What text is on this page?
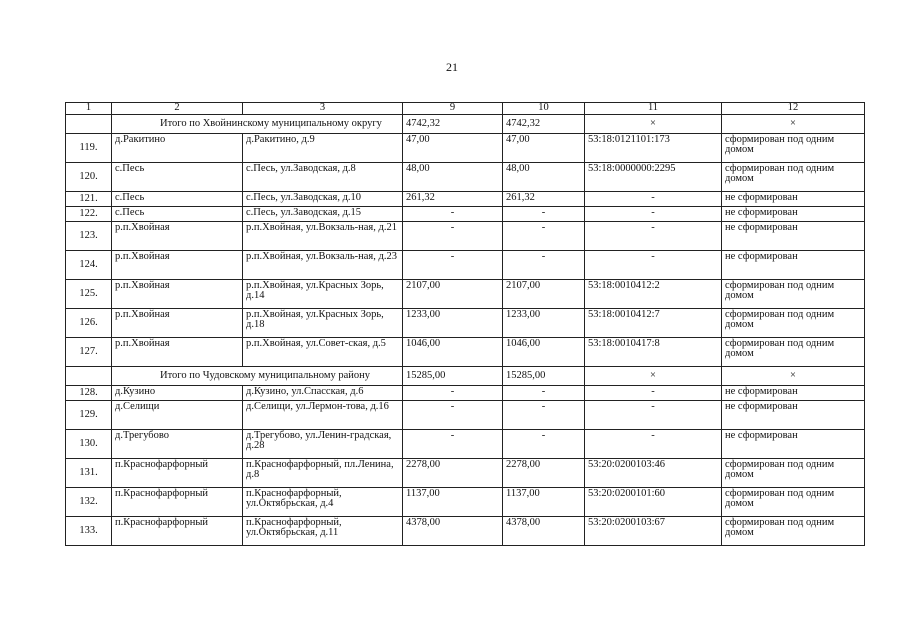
21
1	2	3	9	10	11	12
	Итого по Хвойнинскому муниципальному округу		4742,32	4742,32	×	×
119.	д.Ракитино	д.Ракитино, д.9	47,00	47,00	53:18:0121101:173	сформирован под одним домом
120.	с.Песь	с.Песь, ул.Заводская, д.8	48,00	48,00	53:18:0000000:2295	сформирован под одним домом
121.	с.Песь	с.Песь, ул.Заводская, д.10	261,32	261,32	-	не сформирован
122.	с.Песь	с.Песь, ул.Заводская, д.15	-	-	-	не сформирован
123.	р.п.Хвойная	р.п.Хвойная, ул.Вокзаль-ная, д.21	-	-	-	не сформирован
124.	р.п.Хвойная	р.п.Хвойная, ул.Вокзаль-ная, д.23	-	-	-	не сформирован
125.	р.п.Хвойная	р.п.Хвойная, ул.Красных Зорь, д.14	2107,00	2107,00	53:18:0010412:2	сформирован под одним домом
126.	р.п.Хвойная	р.п.Хвойная, ул.Красных Зорь, д.18	1233,00	1233,00	53:18:0010412:7	сформирован под одним домом
127.	р.п.Хвойная	р.п.Хвойная, ул.Совет-ская, д.5	1046,00	1046,00	53:18:0010417:8	сформирован под одним домом
	Итого по Чудовскому муниципальному району		15285,00	15285,00	×	×
128.	д.Кузино	д.Кузино, ул.Спасская, д.6	-	-	-	не сформирован
129.	д.Селищи	д.Селищи, ул.Лермон-това, д.16	-	-	-	не сформирован
130.	д.Трегубово	д.Трегубово, ул.Ленин-градская, д.28	-	-	-	не сформирован
131.	п.Краснофарфорный	п.Краснофарфорный, пл.Ленина, д.8	2278,00	2278,00	53:20:0200103:46	сформирован под одним домом
132.	п.Краснофарфорный	п.Краснофарфорный, ул.Октябрьская, д.4	1137,00	1137,00	53:20:0200101:60	сформирован под одним домом
133.	п.Краснофарфорный	п.Краснофарфорный, ул.Октябрьская, д.11	4378,00	4378,00	53:20:0200103:67	сформирован под одним домом
